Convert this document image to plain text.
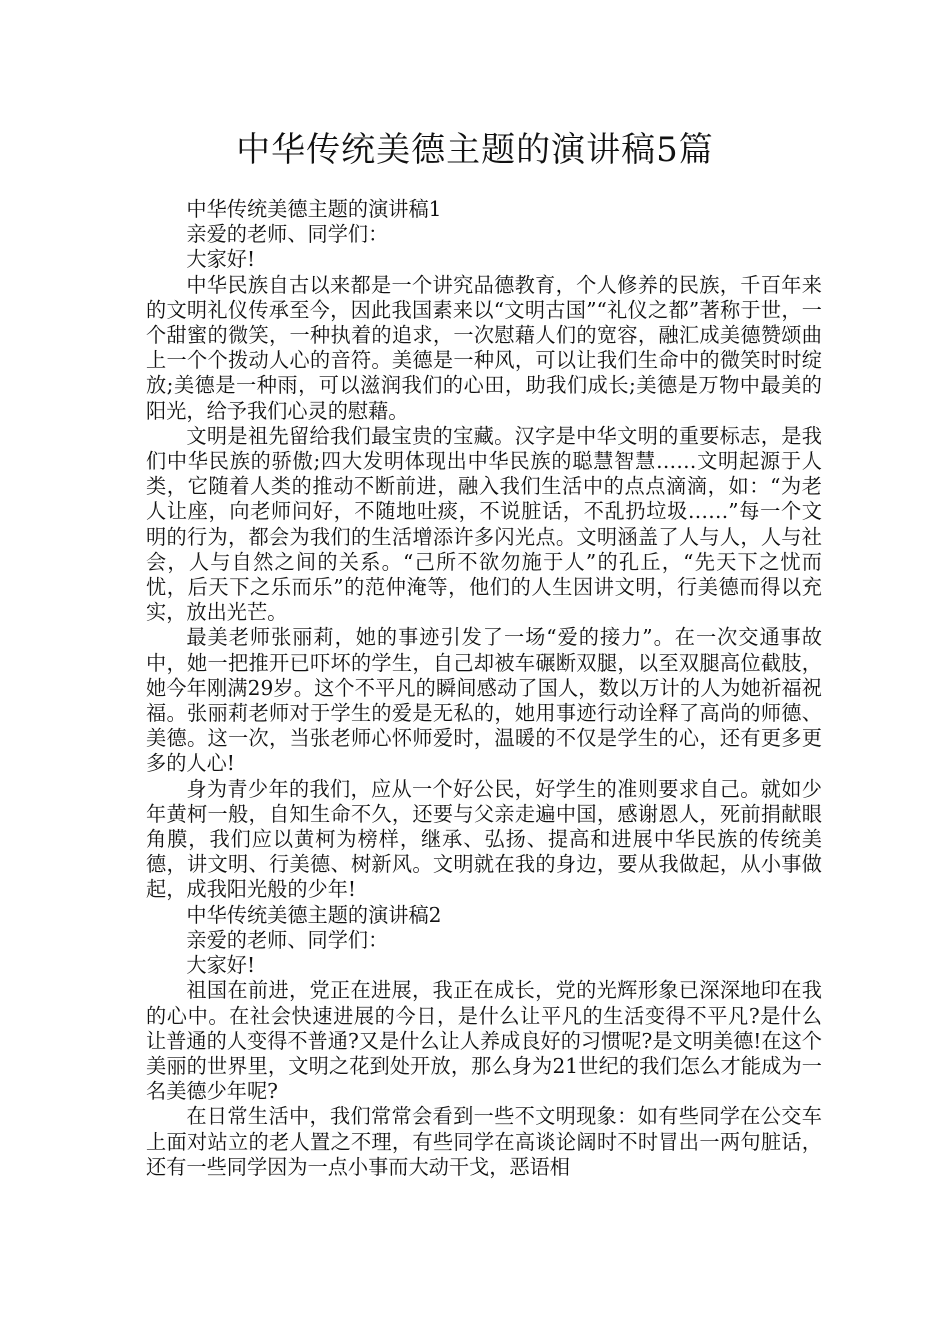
中华传统美德主题的演讲稿5篇

中华传统美德主题的演讲稿1

亲爱的老师、同学们：

大家好!

中华民族自古以来都是一个讲究品德教育，个人修养的民族，千百年来的文明礼仪传承至今，因此我国素来以“文明古国”“礼仪之都”著称于世，一个甜蜜的微笑，一种执着的追求，一次慰藉人们的宽容，融汇成美德赞颂曲上一个个拨动人心的音符。美德是一种风，可以让我们生命中的微笑时时绽放;美德是一种雨，可以滋润我们的心田，助我们成长;美德是万物中最美的阳光，给予我们心灵的慰藉。

文明是祖先留给我们最宝贵的宝藏。汉字是中华文明的重要标志，是我们中华民族的骄傲;四大发明体现出中华民族的聪慧智慧……文明起源于人类，它随着人类的推动不断前进，融入我们生活中的点点滴滴，如：“为老人让座，向老师问好，不随地吐痰，不说脏话，不乱扔垃圾……”每一个文明的行为，都会为我们的生活增添许多闪光点。文明涵盖了人与人，人与社会，人与自然之间的关系。“己所不欲勿施于人”的孔丘，“先天下之忧而忧，后天下之乐而乐”的范仲淹等，他们的人生因讲文明，行美德而得以充实，放出光芒。

最美老师张丽莉，她的事迹引发了一场“爱的接力”。在一次交通事故中，她一把推开已吓坏的学生，自己却被车碾断双腿，以至双腿高位截肢，她今年刚满29岁。这个不平凡的瞬间感动了国人，数以万计的人为她祈福祝福。张丽莉老师对于学生的爱是无私的，她用事迹行动诠释了高尚的师德、美德。这一次，当张老师心怀师爱时，温暖的不仅是学生的心，还有更多更多的人心!

身为青少年的我们，应从一个好公民，好学生的准则要求自己。就如少年黄柯一般，自知生命不久，还要与父亲走遍中国，感谢恩人，死前捐献眼角膜，我们应以黄柯为榜样，继承、弘扬、提高和进展中华民族的传统美德，讲文明、行美德、树新风。文明就在我的身边，要从我做起，从小事做起，成我阳光般的少年!

中华传统美德主题的演讲稿2

亲爱的老师、同学们：

大家好!

祖国在前进，党正在进展，我正在成长，党的光辉形象已深深地印在我的心中。在社会快速进展的今日，是什么让平凡的生活变得不平凡?是什么让普通的人变得不普通?又是什么让人养成良好的习惯呢?是文明美德!在这个美丽的世界里，文明之花到处开放，那么身为21世纪的我们怎么才能成为一名美德少年呢?

在日常生活中，我们常常会看到一些不文明现象：如有些同学在公交车上面对站立的老人置之不理，有些同学在高谈论阔时不时冒出一两句脏话，还有一些同学因为一点小事而大动干戈，恶语相
